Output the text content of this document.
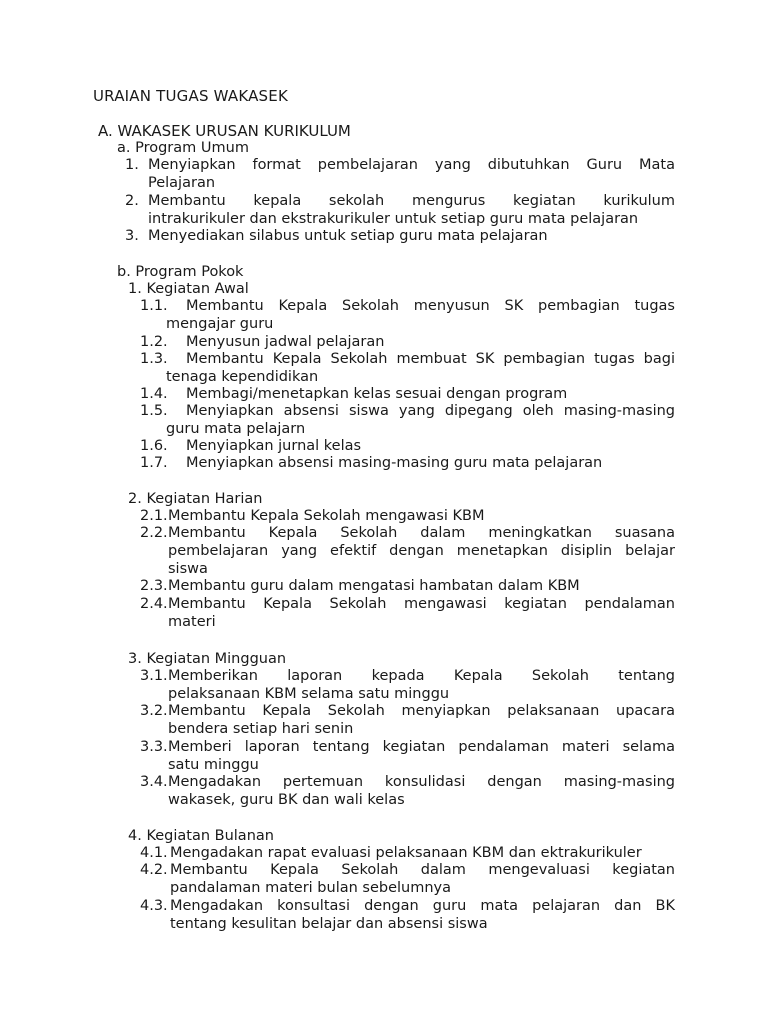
URAIAN TUGAS WAKASEK
A. WAKASEK URUSAN KURIKULUM
a. Program Umum
1. Menyiapkan format pembelajaran yang dibutuhkan Guru Mata
Pelajaran
2. Membantu kepala sekolah mengurus kegiatan kurikulum
intrakurikuler dan ekstrakurikuler untuk setiap guru mata pelajaran
3. Menyediakan silabus untuk setiap guru mata pelajaran
b. Program Pokok
1. Kegiatan Awal
1.1. Membantu Kepala Sekolah menyusun SK pembagian tugas
mengajar guru
1.2. Menyusun jadwal pelajaran
1.3. Membantu Kepala Sekolah membuat SK pembagian tugas bagi
tenaga kependidikan
1.4. Membagi/menetapkan kelas sesuai dengan program
1.5. Menyiapkan absensi siswa yang dipegang oleh masing-masing
guru mata pelajarn
1.6. Menyiapkan jurnal kelas
1.7. Menyiapkan absensi masing-masing guru mata pelajaran
2. Kegiatan Harian
2.1. Membantu Kepala Sekolah mengawasi KBM
2.2. Membantu Kepala Sekolah dalam meningkatkan suasana
pembelajaran yang efektif dengan menetapkan disiplin belajar
siswa
2.3. Membantu guru dalam mengatasi hambatan dalam KBM
2.4. Membantu Kepala Sekolah mengawasi kegiatan pendalaman
materi
3. Kegiatan Mingguan
3.1. Memberikan laporan kepada Kepala Sekolah tentang
pelaksanaan KBM selama satu minggu
3.2. Membantu Kepala Sekolah menyiapkan pelaksanaan upacara
bendera setiap hari senin
3.3. Memberi laporan tentang kegiatan pendalaman materi selama
satu minggu
3.4. Mengadakan pertemuan konsulidasi dengan masing-masing
wakasek, guru BK dan wali kelas
4. Kegiatan Bulanan
4.1. Mengadakan rapat evaluasi pelaksanaan KBM dan ektrakurikuler
4.2. Membantu Kepala Sekolah dalam mengevaluasi kegiatan
pandalaman materi bulan sebelumnya
4.3. Mengadakan konsultasi dengan guru mata pelajaran dan BK
tentang kesulitan belajar dan absensi siswa
